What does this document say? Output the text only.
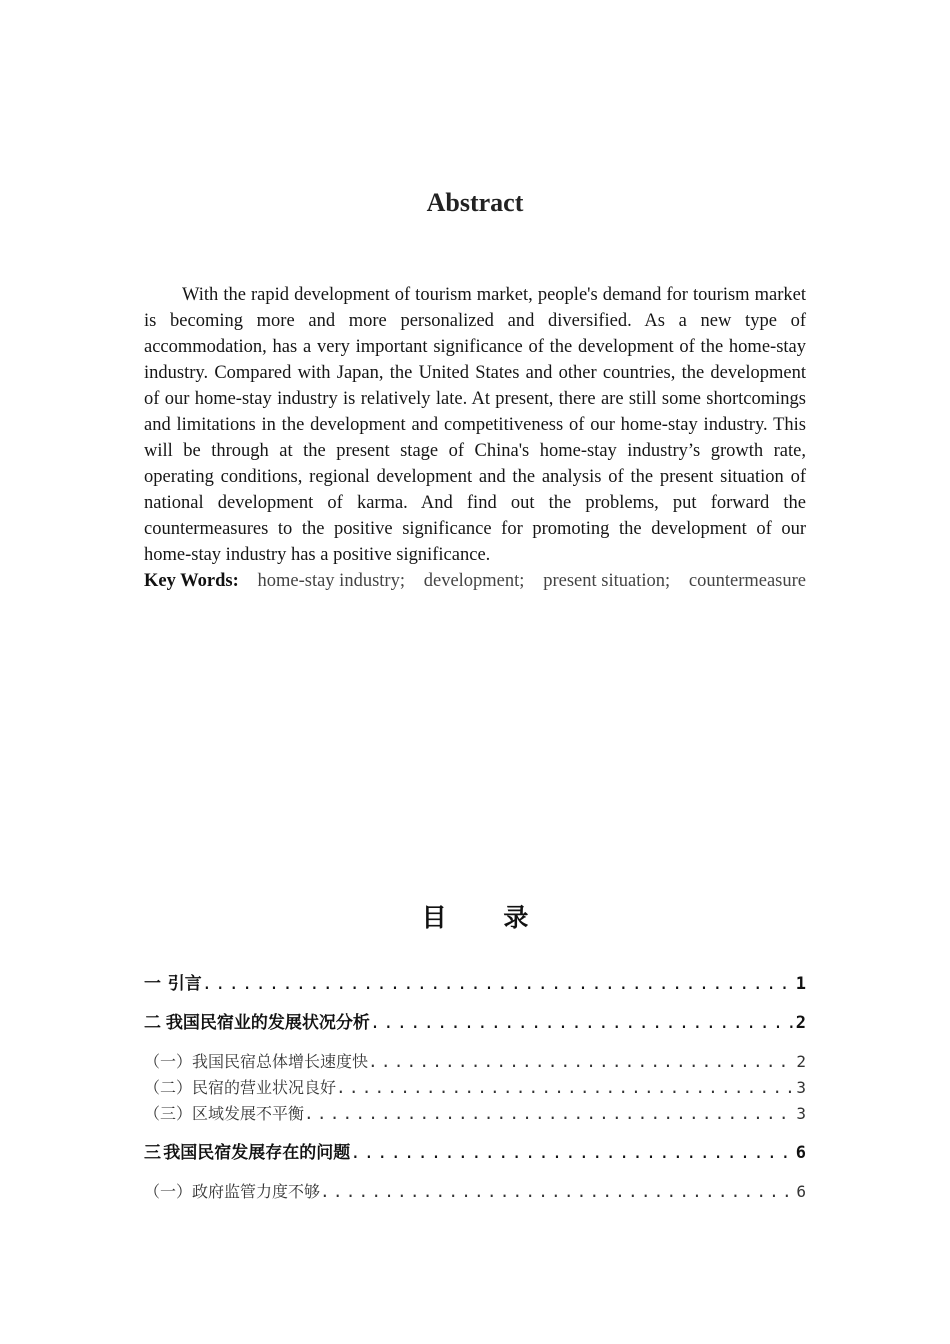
Abstract

With the rapid development of tourism market, people's demand for tourism market is becoming more and more personalized and diversified. As a new type of accommodation, has a very important significance of the development of the home-stay industry. Compared with Japan, the United States and other countries, the development of our home-stay industry is relatively late. At present, there are still some shortcomings and limitations in the development and competitiveness of our home-stay industry. This will be through at the present stage of China's home-stay industry’s growth rate, operating conditions, regional development and the analysis of the present situation of national development of karma. And find out the problems, put forward the countermeasures to the positive significance for promoting the development of our home-stay industry has a positive significance.

Key Words: home-stay industry; development; present situation; countermeasure
目 录
一 引言 .....	1
二 我国民宿业的发展状况分析 .....	2
（一） 我国民宿总体增长速度快 .....	2
（二） 民宿的营业状况良好 .....	3
（三） 区域发展不平衡 .....	3
三 我国民宿发展存在的问题 .....	6
（一） 政府监管力度不够 .....	6
